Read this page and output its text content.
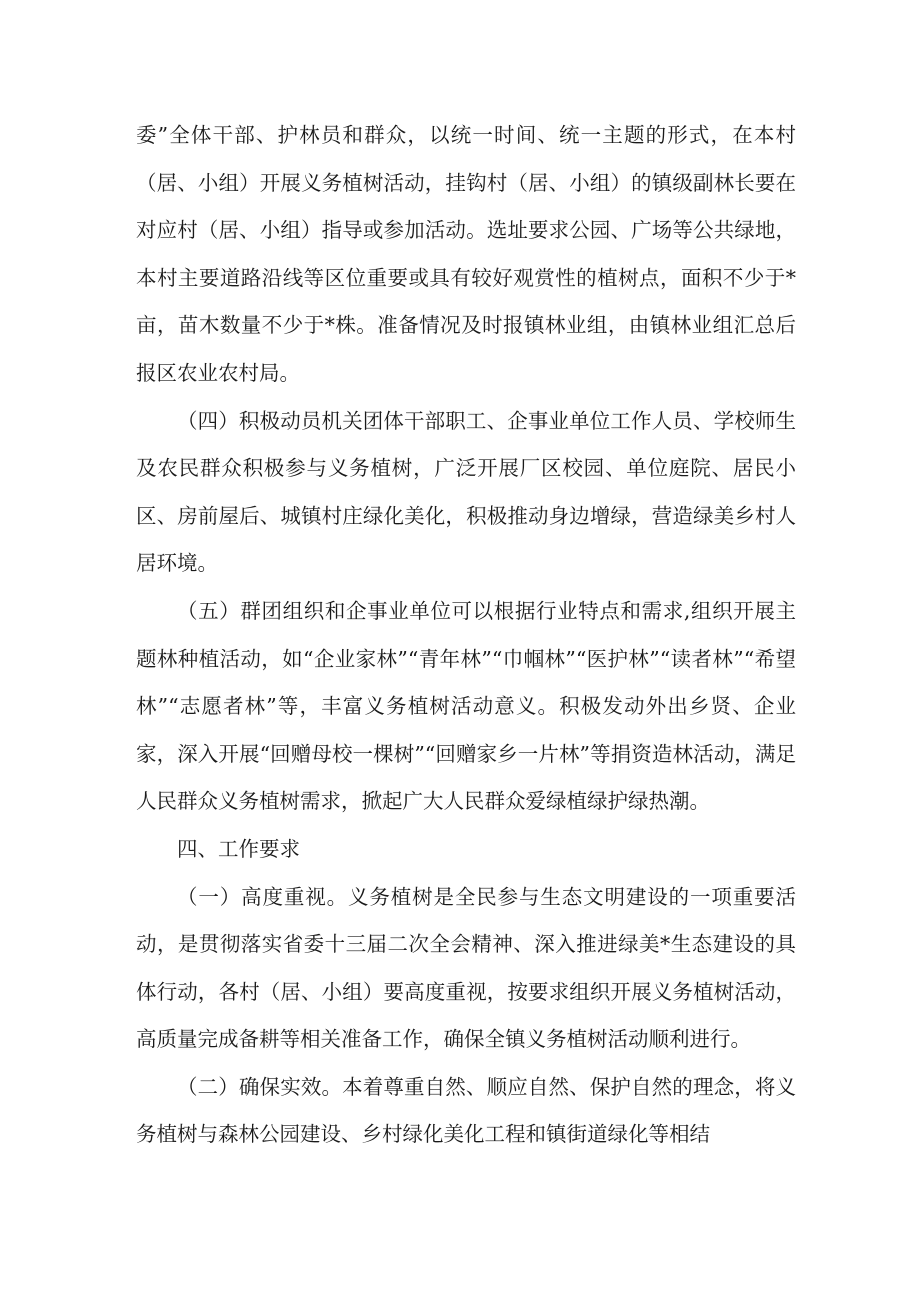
委”全体干部、护林员和群众，以统一时间、统一主题的形式，在本村（居、小组）开展义务植树活动，挂钩村（居、小组）的镇级副林长要在对应村（居、小组）指导或参加活动。选址要求公园、广场等公共绿地，本村主要道路沿线等区位重要或具有较好观赏性的植树点，面积不少于*亩，苗木数量不少于*株。准备情况及时报镇林业组，由镇林业组汇总后报区农业农村局。

（四）积极动员机关团体干部职工、企事业单位工作人员、学校师生及农民群众积极参与义务植树，广泛开展厂区校园、单位庭院、居民小区、房前屋后、城镇村庄绿化美化，积极推动身边增绿，营造绿美乡村人居环境。

（五）群团组织和企事业单位可以根据行业特点和需求,组织开展主题林种植活动，如“企业家林”“青年林”“巾帼林”“医护林”“读者林”“希望林”“志愿者林”等，丰富义务植树活动意义。积极发动外出乡贤、企业家，深入开展“回赠母校一棵树”“回赠家乡一片林”等捐资造林活动，满足人民群众义务植树需求，掀起广大人民群众爱绿植绿护绿热潮。

四、工作要求

（一）高度重视。义务植树是全民参与生态文明建设的一项重要活动，是贯彻落实省委十三届二次全会精神、深入推进绿美*生态建设的具体行动，各村（居、小组）要高度重视，按要求组织开展义务植树活动，高质量完成备耕等相关准备工作，确保全镇义务植树活动顺利进行。

（二）确保实效。本着尊重自然、顺应自然、保护自然的理念，将义务植树与森林公园建设、乡村绿化美化工程和镇街道绿化等相结
